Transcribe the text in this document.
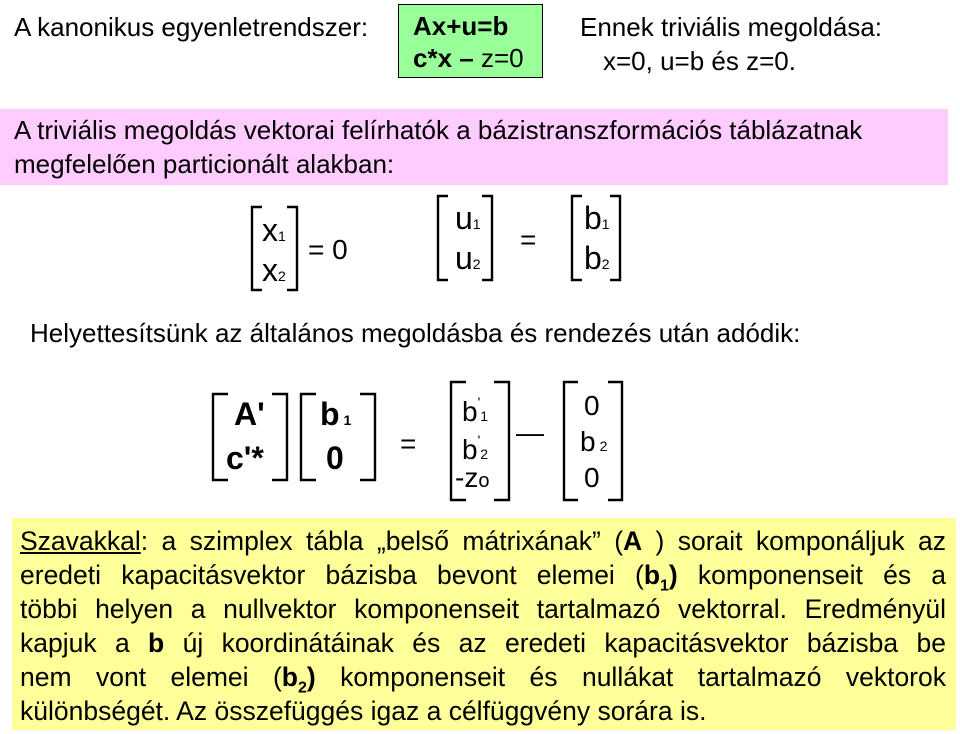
A kanonikus egyenletrendszer: Ax+u=b
c*x – z=0
Ennek triviális megoldása:
x=0, u=b és z=0.
A triviális megoldás vektorai felírhatók a bázistranszformációs táblázatnak
megfelelően particionált alakban:
x1
x2
= 0
u1
u2
=
b1
b2
Helyettesítsünk az általános megoldásba és rendezés után adódik:
A'
c'*
b 1
0 =
b'1
b'2
-zo
—
0
b 2
0
Szavakkal: a szimplex tábla „belső mátrixának” (A ) sorait komponáljuk az
eredeti kapacitásvektor bázisba bevont elemei $(b_1)$ komponenseit és a
többi helyen a nullvektor komponenseit tartalmazó vektorral. Eredményül
kapjuk a b új koordinátáinak és az eredeti kapacitásvektor bázisba be
nem vont elemei $(b_2)$ komponenseit és nullákat tartalmazó vektorok
különbségét. Az összefüggés igaz a célfüggvény sorára is.
